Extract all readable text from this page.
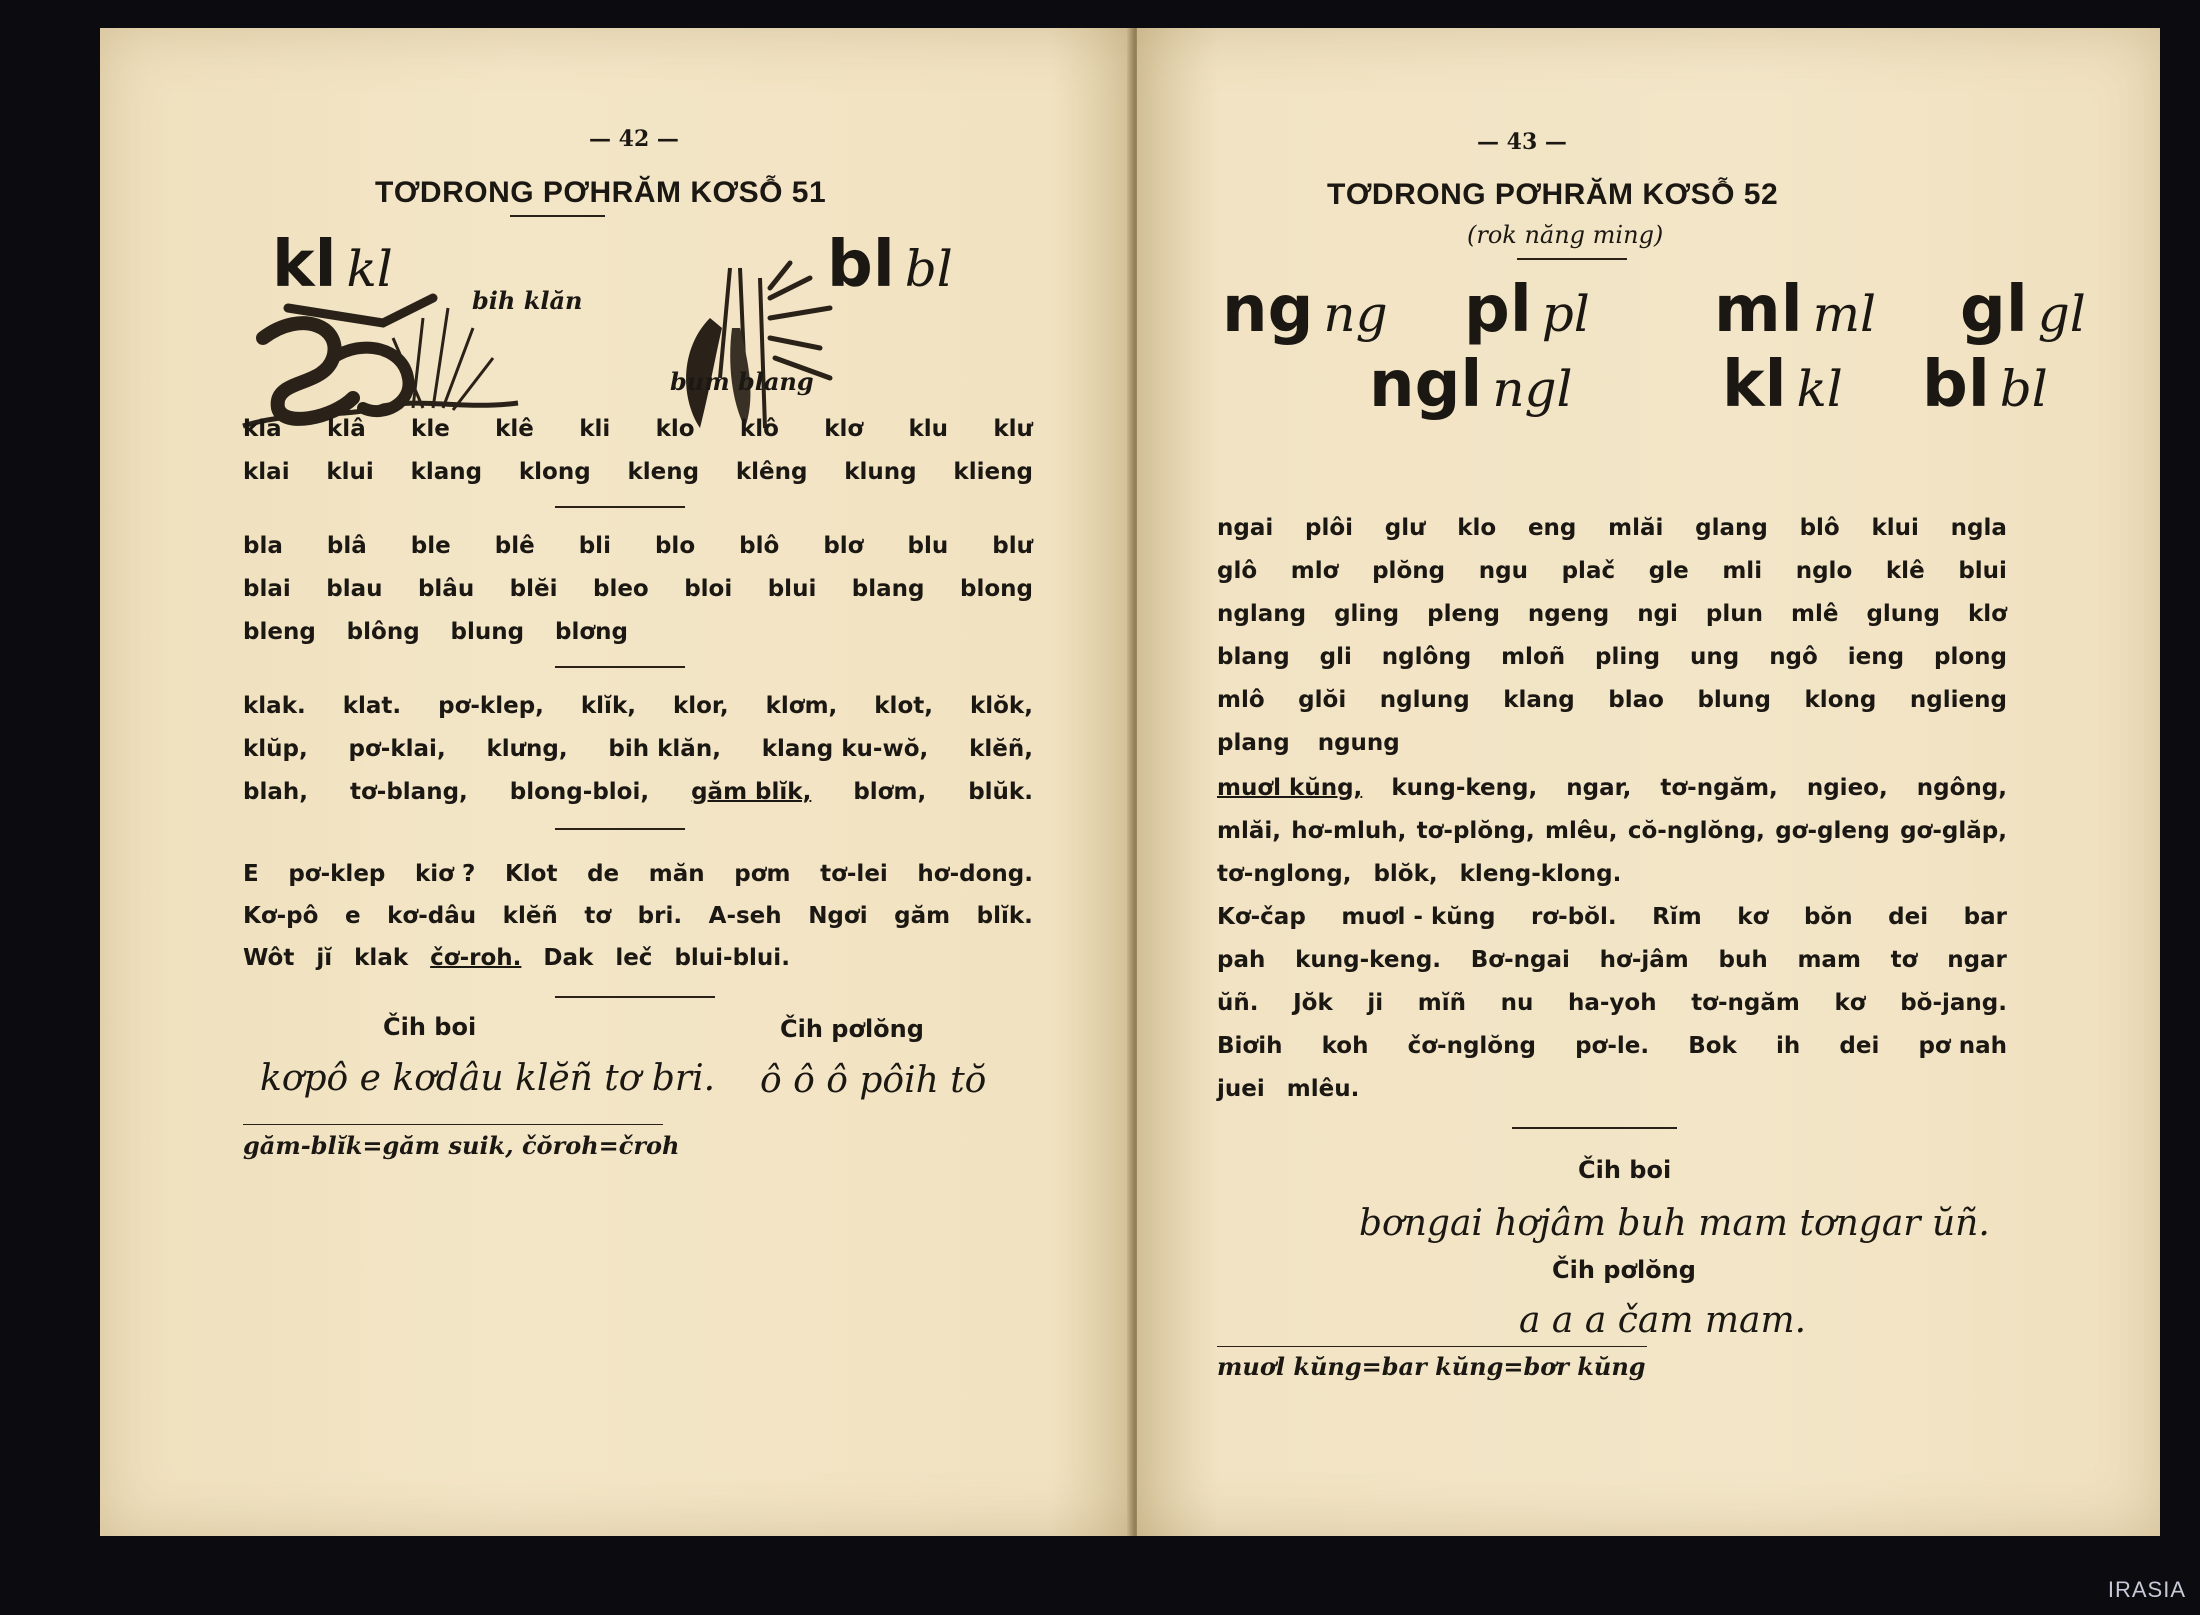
— 42 —
TƠDRONG PƠHRĂM KƠSỖ 51
kl kl	bl bl
bih klăn
bum blang
kla klâ kle klê kli klo klô klơ klu klư
klai klui klang klong kleng klêng klung klieng
bla blâ ble blê bli blo blô blơ blu blư
blai blau blâu blĕi bleo bloi blui blang blong
bleng blông blung blơng
klak. klat. pơ-klep, klĭk, klor, klơm, klot, klŏk,
klŭp, pơ-klai, klưng, bih klăn, klang ku-wŏ, klĕñ,
blah, tơ-blang, blong-bloi, găm blĭk, blơm, blŭk.
E pơ-klep kiơ ? Klot de măn pơm tơ-lei hơ-dong.
Kơ-pô e kơ-dâu klĕñ tơ bri. A-seh Ngơi găm blĭk.
Wôt jĭ klak čơ-roh. Dak leč blui-blui.
Čih boi	Čih pơlŏng
kơpô e kơdâu klĕñ tơ bri. ô ô ô pôih tŏ
găm-blĭk=găm suik, čŏroh=čroh
— 43 —
TƠDRONG PƠHRĂM KƠSỖ 52
(rok năng ming)
ng ng pl pl ml ml gl gl
ngl ngl kl kl bl bl
ngai plôi glư klo eng mlăi glang blô klui ngla
glô mlơ plŏng ngu plač gle mli nglo klê blui
nglang gling pleng ngeng ngi plun mlê glung klơ
blang gli nglông mloñ pling ung ngô ieng plong
mlô glŏi nglung klang blao blung klong nglieng
plang ngung
muơl kŭng, kung-keng, ngar, tơ-ngăm, ngieo, ngông,
mlăi, hơ-mluh, tơ-plŏng, mlêu, cŏ-nglŏng, gơ-gleng gơ-glăp,
tơ-nglong, blŏk, kleng-klong.
Kơ-čap muơl - kŭng rơ-bŏl. Rĭm kơ bŏn dei bar
pah kung-keng. Bơ-ngai hơ-jâm buh mam tơ ngar
ŭñ. Jŏk ji mĭñ nu ha-yoh tơ-ngăm kơ bŏ-jang.
Biơih koh čơ-nglŏng pơ-le. Bok ih dei pơ nah
juei mlêu.
Čih boi
bơngai hơjâm buh mam tơngar ŭñ.
Čih pơlŏng
a a a čam mam.
muơl kŭng=bar kŭng=bơr kŭng
IRASIA
